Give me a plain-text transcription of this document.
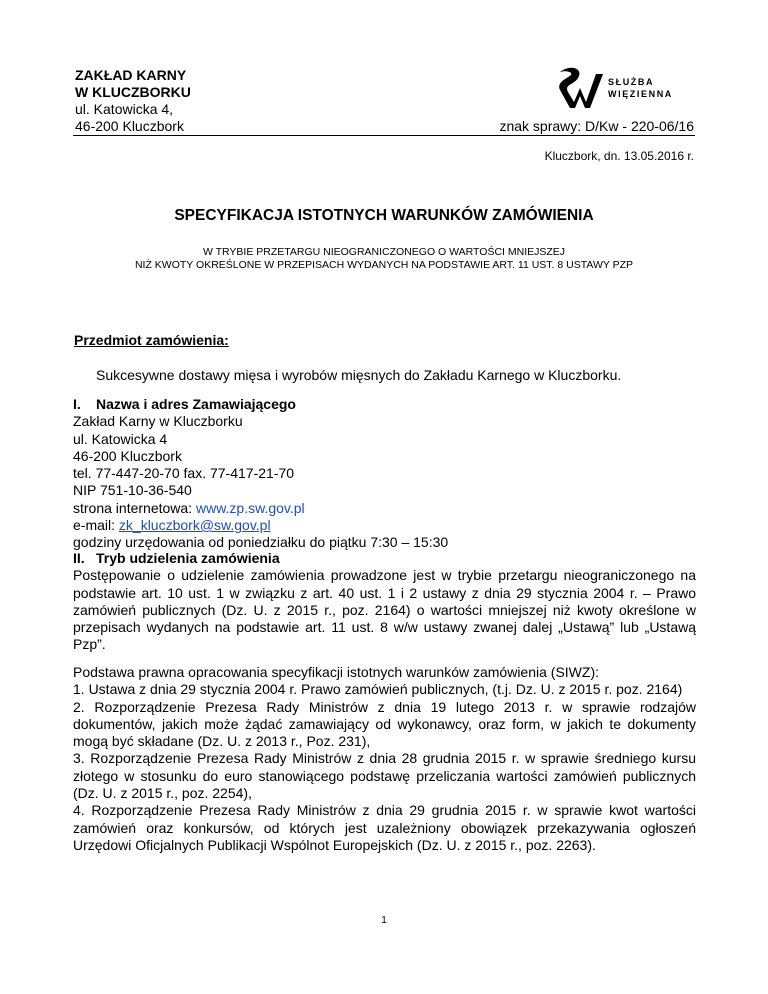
ZAKŁAD KARNY
W KLUCZBORKU
ul. Katowicka 4,
46-200 Kluczbork
SŁUŻBA
WIĘZIENNA
znak sprawy: D/Kw - 220-06/16
Kluczbork, dn. 13.05.2016 r.
SPECYFIKACJA ISTOTNYCH WARUNKÓW ZAMÓWIENIA
W TRYBIE PRZETARGU NIEOGRANICZONEGO O WARTOŚCI MNIEJSZEJ
NIŻ KWOTY OKREŚLONE W PRZEPISACH WYDANYCH NA PODSTAWIE ART. 11 UST. 8 USTAWY PZP
Przedmiot zamówienia:
Sukcesywne dostawy mięsa i wyrobów mięsnych do Zakładu Karnego w Kluczborku.
I. Nazwa i adres Zamawiającego
Zakład Karny w Kluczborku
ul. Katowicka 4
46-200 Kluczbork
tel. 77-447-20-70 fax. 77-417-21-70
NIP 751-10-36-540
strona internetowa: www.zp.sw.gov.pl
e-mail: zk_kluczbork@sw.gov.pl
godziny urzędowania od poniedziałku do piątku 7:30 – 15:30
II. Tryb udzielenia zamówienia
Postępowanie o udzielenie zamówienia prowadzone jest w trybie przetargu nieograniczonego na podstawie art. 10 ust. 1 w związku z art. 40 ust. 1 i 2 ustawy z dnia 29 stycznia 2004 r. – Prawo zamówień publicznych (Dz. U. z 2015 r., poz. 2164) o wartości mniejszej niż kwoty określone w przepisach wydanych na podstawie art. 11 ust. 8 w/w ustawy zwanej dalej „Ustawą” lub „Ustawą Pzp”.
Podstawa prawna opracowania specyfikacji istotnych warunków zamówienia (SIWZ):
1. Ustawa z dnia 29 stycznia 2004 r. Prawo zamówień publicznych, (t.j. Dz. U. z 2015 r. poz. 2164)
2. Rozporządzenie Prezesa Rady Ministrów z dnia 19 lutego 2013 r. w sprawie rodzajów dokumentów, jakich może żądać zamawiający od wykonawcy, oraz form, w jakich te dokumenty mogą być składane (Dz. U. z 2013 r., Poz. 231),
3. Rozporządzenie Prezesa Rady Ministrów z dnia 28 grudnia 2015 r. w sprawie średniego kursu złotego w stosunku do euro stanowiącego podstawę przeliczania wartości zamówień publicznych (Dz. U. z 2015 r., poz. 2254),
4. Rozporządzenie Prezesa Rady Ministrów z dnia 29 grudnia 2015 r. w sprawie kwot wartości zamówień oraz konkursów, od których jest uzależniony obowiązek przekazywania ogłoszeń Urzędowi Oficjalnych Publikacji Wspólnot Europejskich (Dz. U. z 2015 r., poz. 2263).
1
